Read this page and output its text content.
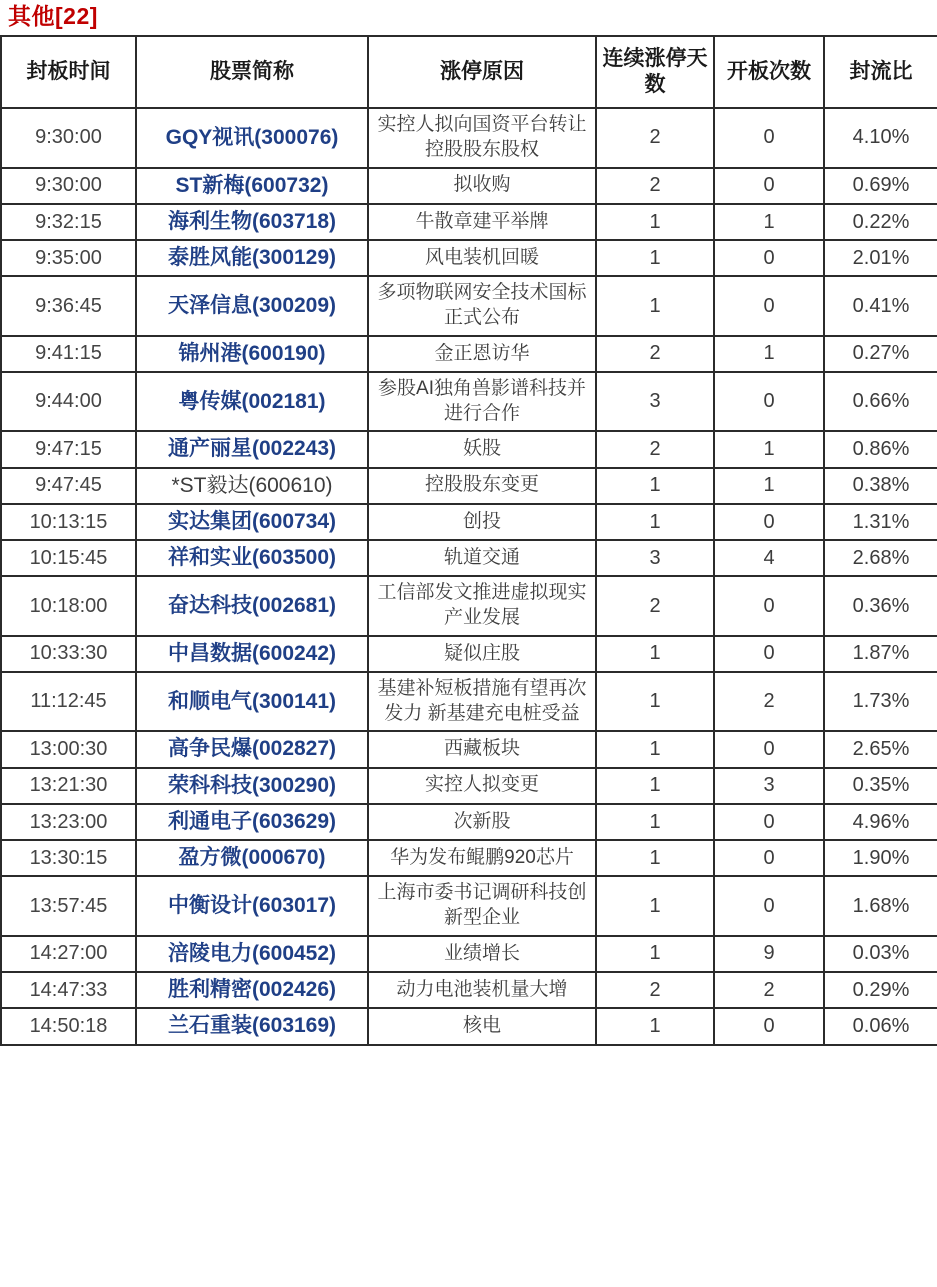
其他[22]
封板时间	股票简称	涨停原因	连续涨停天数	开板次数	封流比
9:30:00	GQY视讯(300076)	实控人拟向国资平台转让控股股东股权	2	0	4.10%
9:30:00	ST新梅(600732)	拟收购	2	0	0.69%
9:32:15	海利生物(603718)	牛散章建平举牌	1	1	0.22%
9:35:00	泰胜风能(300129)	风电装机回暖	1	0	2.01%
9:36:45	天泽信息(300209)	多项物联网安全技术国标正式公布	1	0	0.41%
9:41:15	锦州港(600190)	金正恩访华	2	1	0.27%
9:44:00	粤传媒(002181)	参股AI独角兽影谱科技并进行合作	3	0	0.66%
9:47:15	通产丽星(002243)	妖股	2	1	0.86%
9:47:45	*ST毅达(600610)	控股股东变更	1	1	0.38%
10:13:15	实达集团(600734)	创投	1	0	1.31%
10:15:45	祥和实业(603500)	轨道交通	3	4	2.68%
10:18:00	奋达科技(002681)	工信部发文推进虚拟现实产业发展	2	0	0.36%
10:33:30	中昌数据(600242)	疑似庄股	1	0	1.87%
11:12:45	和顺电气(300141)	基建补短板措施有望再次发力 新基建充电桩受益	1	2	1.73%
13:00:30	高争民爆(002827)	西藏板块	1	0	2.65%
13:21:30	荣科科技(300290)	实控人拟变更	1	3	0.35%
13:23:00	利通电子(603629)	次新股	1	0	4.96%
13:30:15	盈方微(000670)	华为发布鲲鹏920芯片	1	0	1.90%
13:57:45	中衡设计(603017)	上海市委书记调研科技创新型企业	1	0	1.68%
14:27:00	涪陵电力(600452)	业绩增长	1	9	0.03%
14:47:33	胜利精密(002426)	动力电池装机量大增	2	2	0.29%
14:50:18	兰石重装(603169)	核电	1	0	0.06%
